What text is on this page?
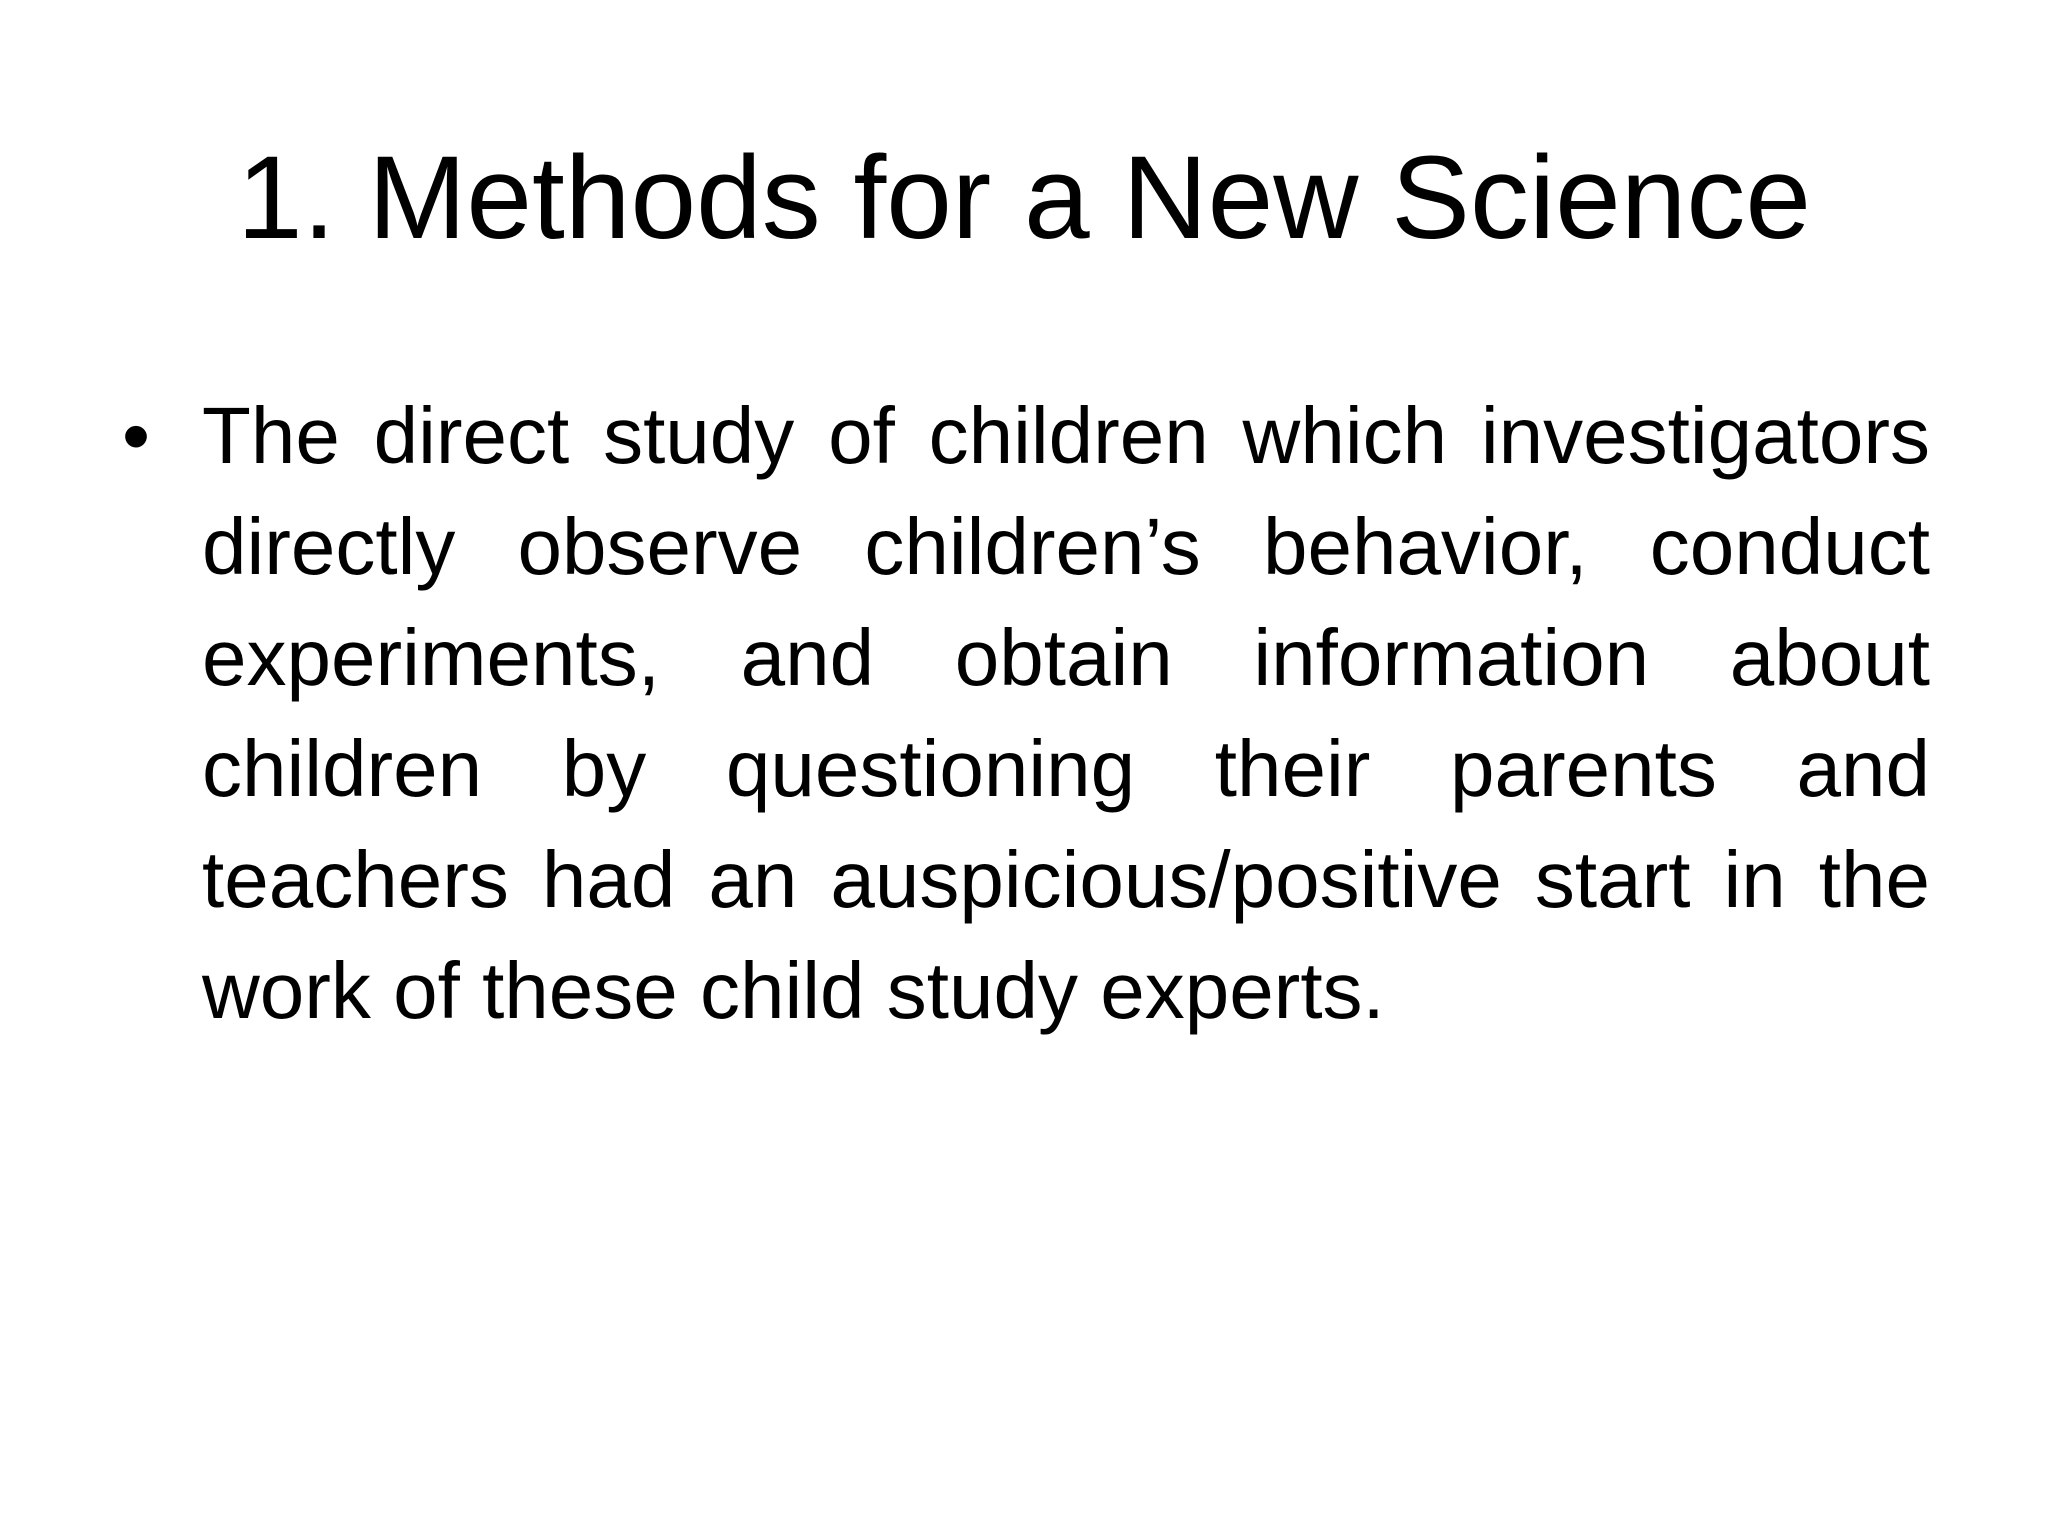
1. Methods for a New Science
• The direct study of children which investigators directly observe children’s behavior, conduct experiments, and obtain information about children by questioning their parents and teachers had an auspicious/positive start in the work of these child study experts.
